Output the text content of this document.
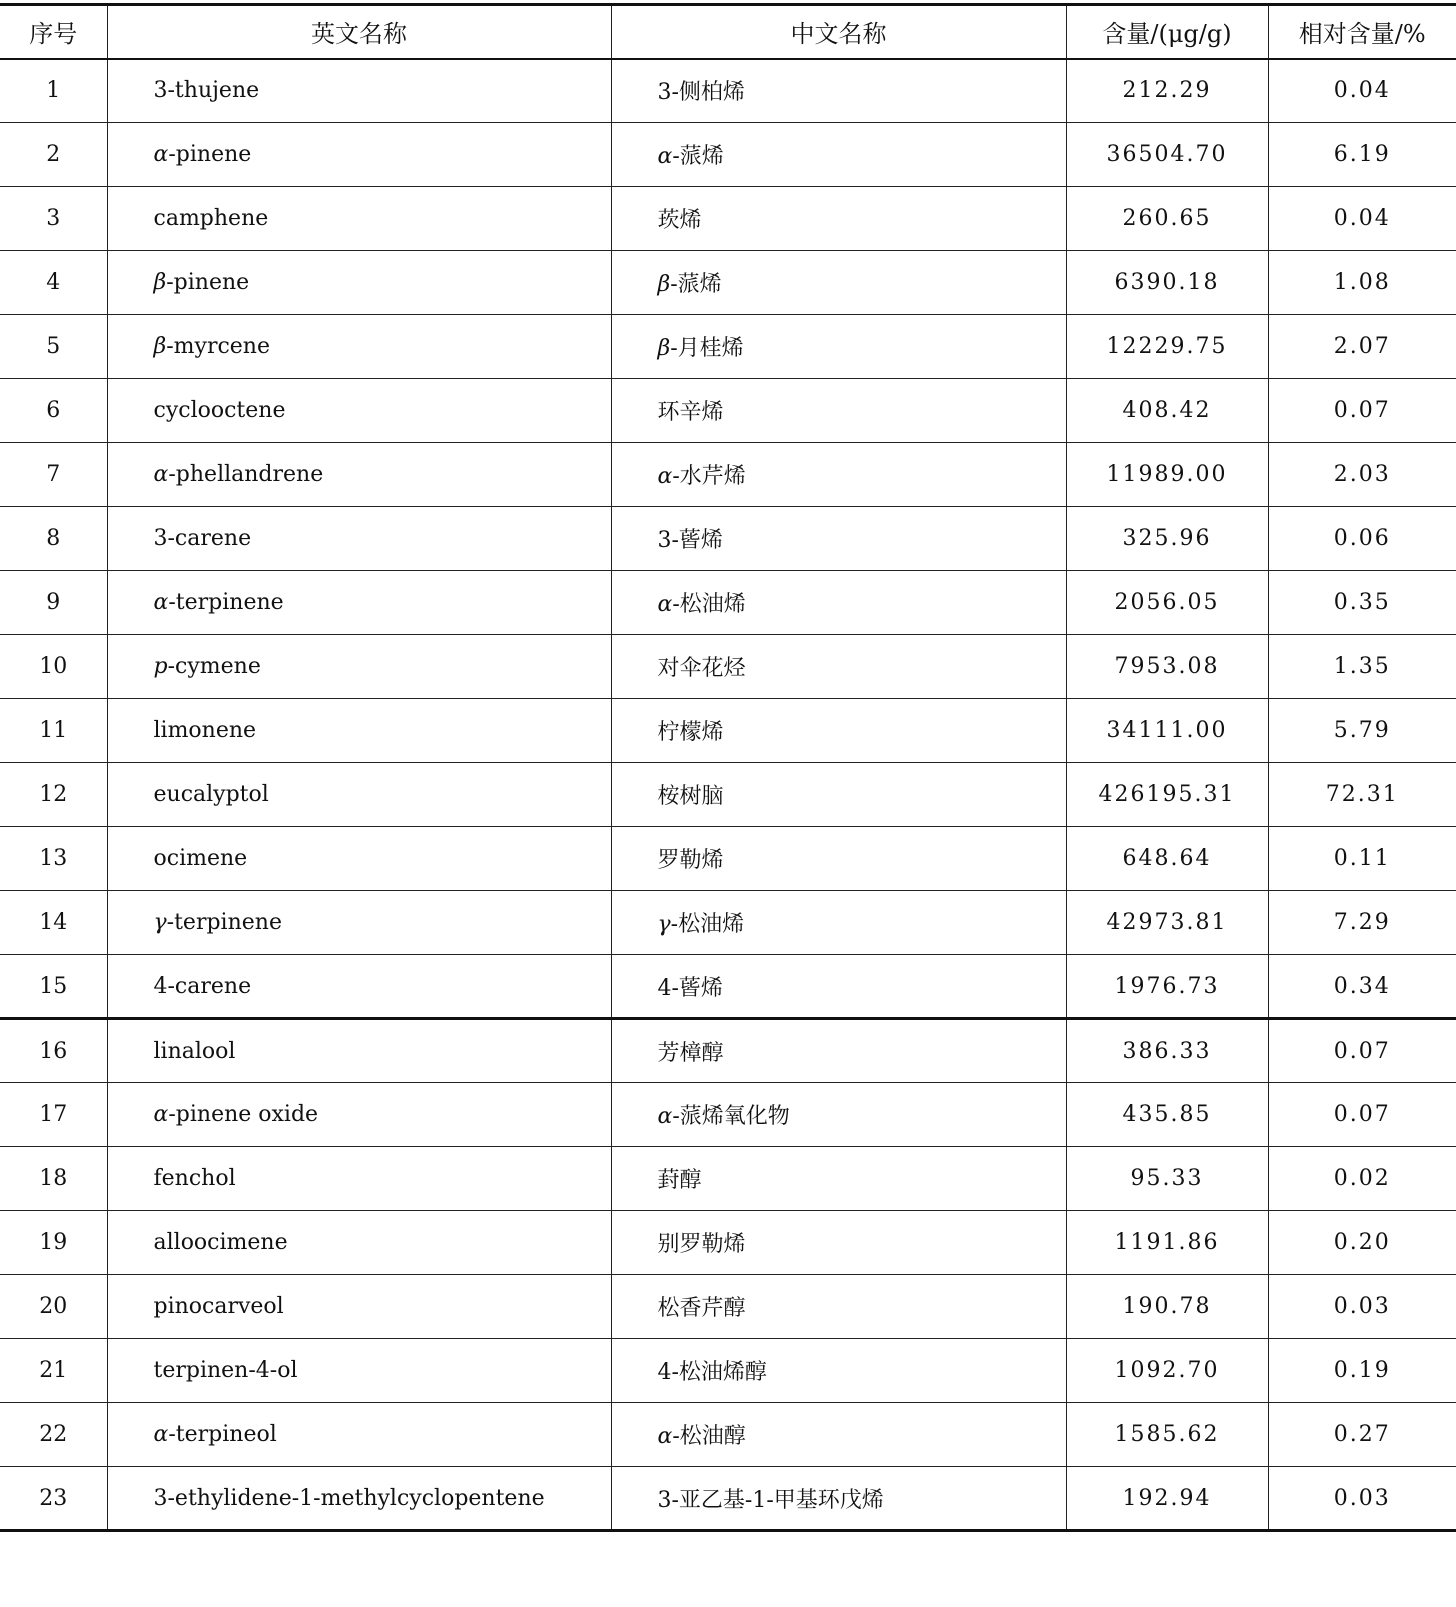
序号	英文名称	中文名称	含量/(μg/g)	相对含量/%
1	3-thujene	3-侧柏烯	212.29	0.04
2	α-pinene	α-蒎烯	36504.70	6.19
3	camphene	莰烯	260.65	0.04
4	β-pinene	β-蒎烯	6390.18	1.08
5	β-myrcene	β-月桂烯	12229.75	2.07
6	cyclooctene	环辛烯	408.42	0.07
7	α-phellandrene	α-水芹烯	11989.00	2.03
8	3-carene	3-蒈烯	325.96	0.06
9	α-terpinene	α-松油烯	2056.05	0.35
10	p-cymene	对伞花烃	7953.08	1.35
11	limonene	柠檬烯	34111.00	5.79
12	eucalyptol	桉树脑	426195.31	72.31
13	ocimene	罗勒烯	648.64	0.11
14	γ-terpinene	γ-松油烯	42973.81	7.29
15	4-carene	4-蒈烯	1976.73	0.34
16	linalool	芳樟醇	386.33	0.07
17	α-pinene oxide	α-蒎烯氧化物	435.85	0.07
18	fenchol	葑醇	95.33	0.02
19	alloocimene	别罗勒烯	1191.86	0.20
20	pinocarveol	松香芹醇	190.78	0.03
21	terpinen-4-ol	4-松油烯醇	1092.70	0.19
22	α-terpineol	α-松油醇	1585.62	0.27
23	3-ethylidene-1-methylcyclopentene	3-亚乙基-1-甲基环戊烯	192.94	0.03
